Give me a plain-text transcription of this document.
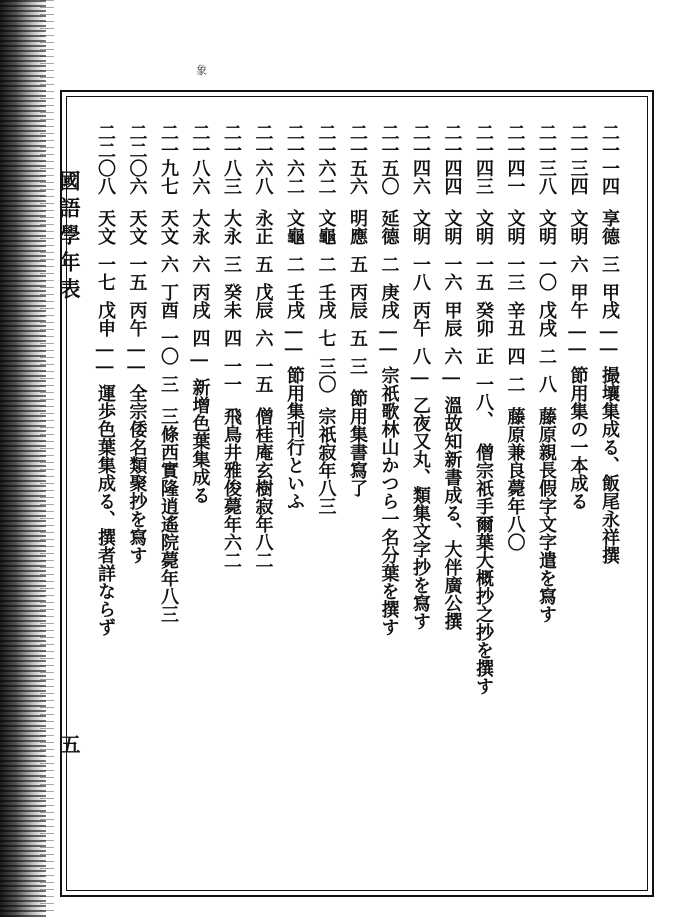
象
國語學年表
五
二一一四享德三甲戌||撮壤集成る、飯尾永祥撰
二一三四文明六甲午||節用集の一本成る
二一三八文明一〇戊戌二八藤原親長假字文字遣を寫す
二一四一文明一三辛丑四二藤原兼良薨年八〇
二一四三文明一五癸卯正一八、僧宗祇手爾葉大概抄之抄を撰す
二一四四文明一六甲辰六|溫故知新書成る、大伴廣公撰
二一四六文明一八丙午八|乙夜又丸、類集文字抄を寫す
二一五〇延德二庚戌||宗祇歌林山かつら一名分葉を撰す
二一五六明應五丙辰五三節用集書寫了
二一六二文龜二壬戌七三〇宗祇寂年八三
二一六二文龜二壬戌||節用集刊行といふ
二一六八永正五戊辰六一五僧桂庵玄樹寂年八二
二一八三大永三癸未四一一飛鳥井雅俊薨年六二
二一八六大永六丙戌四|新增色葉集成る
二一九七天文六丁酉一〇三三條西實隆逍遙院薨年八三
二二〇六天文一五丙午||全宗倭名類聚抄を寫す
二二〇八天文一七戊申||運歩色葉集成る、撰者詳ならず
